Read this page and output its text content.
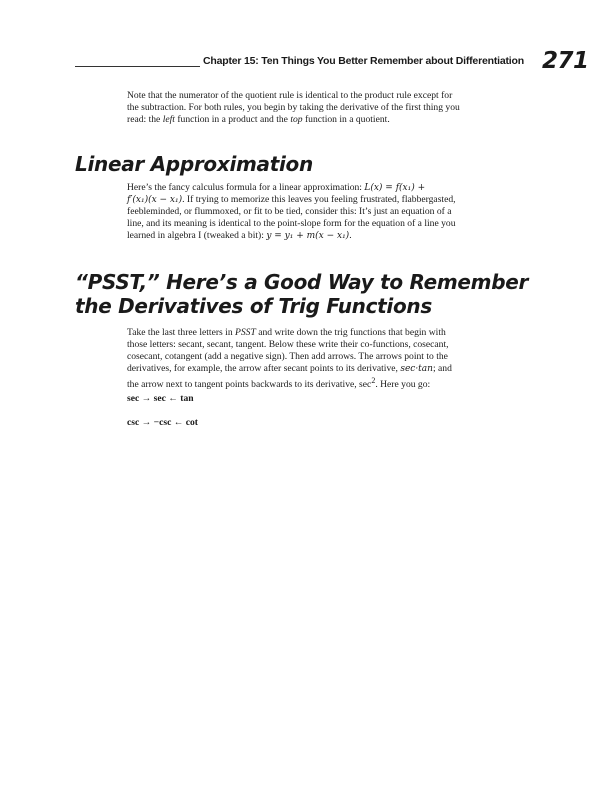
Chapter 15: Ten Things You Better Remember about Differentiation 271

Note that the numerator of the quotient rule is identical to the product rule except for
the subtraction. For both rules, you begin by taking the derivative of the first thing you
read: the left function in a product and the top function in a quotient.

Linear Approximation

Here’s the fancy calculus formula for a linear approximation: L(x) = f(x₁) +
f′(x₁)(x − x₁). If trying to memorize this leaves you feeling frustrated, flabbergasted,
feebleminded, or flummoxed, or fit to be tied, consider this: It’s just an equation of a
line, and its meaning is identical to the point-slope form for the equation of a line you
learned in algebra I (tweaked a bit): y = y₁ + m(x − x₁).

“PSST,” Here’s a Good Way to Remember
the Derivatives of Trig Functions

Take the last three letters in PSST and write down the trig functions that begin with
those letters: secant, secant, tangent. Below these write their co-functions, cosecant,
cosecant, cotangent (add a negative sign). Then add arrows. The arrows point to the
derivatives, for example, the arrow after secant points to its derivative, sec·tan; and
the arrow next to tangent points backwards to its derivative, $\sec^2$. Here you go:

sec → sec ← tan
csc → −csc ← cot
